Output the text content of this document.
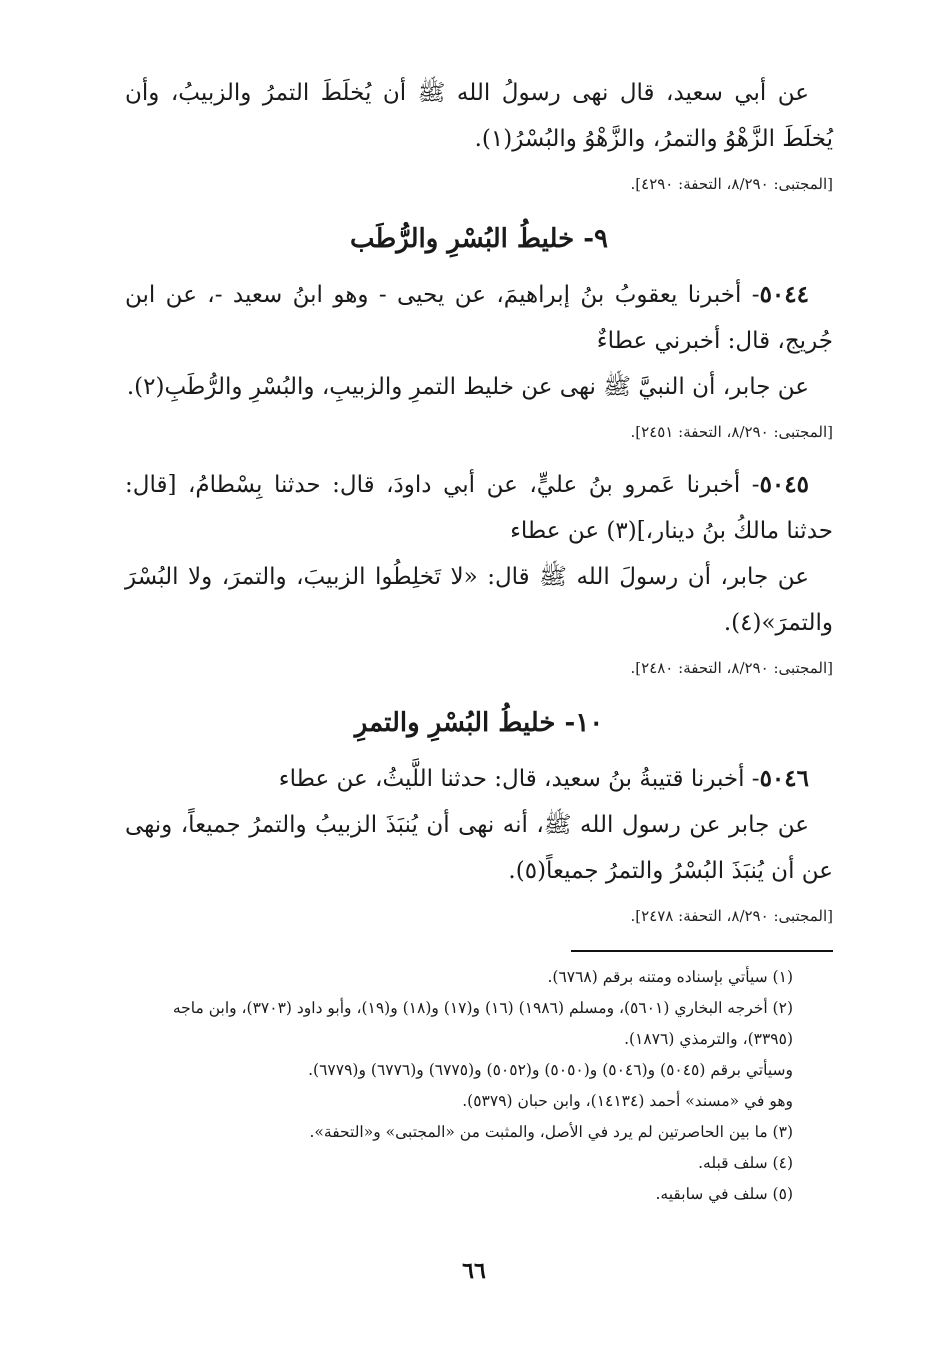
عن أبي سعيد، قال نهى رسولُ الله ﷺ أن يُخلَطَ التمرُ والزبيبُ، وأن يُخلَطَ الزَّهْوُ والتمرُ، والزَّهْوُ والبُسْرُ(١).

[المجتبى: ٨/٢٩٠، التحفة: ٤٢٩٠].

٩- خليطُ البُسْرِ والرُّطَب

٥٠٤٤- أخبرنا يعقوبُ بنُ إبراهيمَ، عن يحيى - وهو ابنُ سعيد -، عن ابن جُريج، قال: أخبرني عطاءٌ

عن جابر، أن النبيَّ ﷺ نهى عن خليط التمرِ والزبيبِ، والبُسْرِ والرُّطَبِ(٢).

[المجتبى: ٨/٢٩٠، التحفة: ٢٤٥١].

٥٠٤٥- أخبرنا عَمرو بنُ عليٍّ، عن أبي داودَ، قال: حدثنا بِسْطامُ، [قال: حدثنا مالكُ بنُ دينار،](٣) عن عطاء

عن جابر، أن رسولَ الله ﷺ قال: «لا تَخلِطُوا الزبيبَ، والتمرَ، ولا البُسْرَ والتمرَ»(٤).

[المجتبى: ٨/٢٩٠، التحفة: ٢٤٨٠].

١٠- خليطُ البُسْرِ والتمرِ

٥٠٤٦- أخبرنا قتيبةُ بنُ سعيد، قال: حدثنا اللَّيثُ، عن عطاء

عن جابر عن رسول الله ﷺ، أنه نهى أن يُنبَذَ الزبيبُ والتمرُ جميعاً، ونهى عن أن يُنبَذَ البُسْرُ والتمرُ جميعاً(٥).

[المجتبى: ٨/٢٩٠، التحفة: ٢٤٧٨].

(١) سيأتي بإسناده ومتنه برقم (٦٧٦٨).

(٢) أخرجه البخاري (٥٦٠١)، ومسلم (١٩٨٦) (١٦) و(١٧) و(١٨) و(١٩)، وأبو داود (٣٧٠٣)، وابن ماجه (٣٣٩٥)، والترمذي (١٨٧٦).

وسيأتي برقم (٥٠٤٥) و(٥٠٤٦) و(٥٠٥٠) و(٥٠٥٢) و(٦٧٧٥) و(٦٧٧٦) و(٦٧٧٩).

وهو في «مسند» أحمد (١٤١٣٤)، وابن حبان (٥٣٧٩).

(٣) ما بين الحاصرتين لم يرد في الأصل، والمثبت من «المجتبى» و«التحفة».

(٤) سلف قبله.

(٥) سلف في سابقيه.

٦٦
